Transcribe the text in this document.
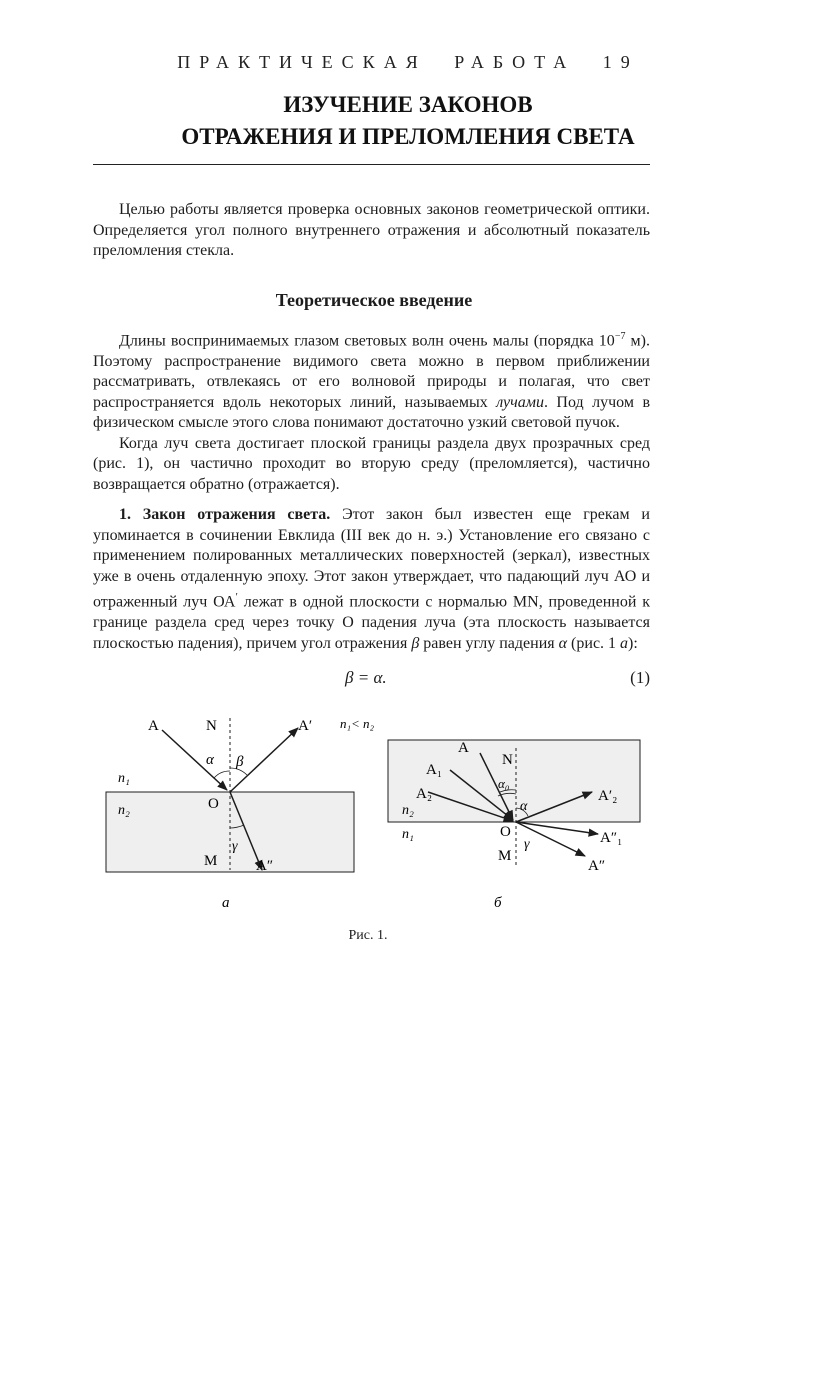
ПРАКТИЧЕСКАЯ РАБОТА 19
ИЗУЧЕНИЕ ЗАКОНОВ
ОТРАЖЕНИЯ И ПРЕЛОМЛЕНИЯ СВЕТА

Целью работы является проверка основных законов геометрической оптики. Определяется угол полного внутреннего отражения и абсолютный показатель преломления стекла.

Теоретическое введение

Длины воспринимаемых глазом световых волн очень малы (порядка $10^{-7}$ м). Поэтому распространение видимого света можно в первом приближении рассматривать, отвлекаясь от его волновой природы и полагая, что свет распространяется вдоль некоторых линий, называемых лучами. Под лучом в физическом смысле этого слова понимают достаточно узкий световой пучок.

Когда луч света достигает плоской границы раздела двух прозрачных сред (рис. 1), он частично проходит во вторую среду (преломляется), частично возвращается обратно (отражается).

1. Закон отражения света. Этот закон был известен еще грекам и упоминается в сочинении Евклида (III век до н. э.) Установление его связано с применением полированных металлических поверхностей (зеркал), известных уже в очень отдаленную эпоху. Этот закон утверждает, что падающий луч АО и отраженный луч ОА′ лежат в одной плоскости с нормалью MN, проведенной к границе раздела сред через точку О падения луча (эта плоскость называется плоскостью падения), причем угол отражения β равен углу падения α (рис. 1 а):

β = α.	(1)
A	N	A′
α β
n₁
n₂	O
γ
M	A″
а
n₁< n₂
A
N
A₁
α₀
A₂
α
A′₂
n₂
n₁	O	A″₁
γ
M
A″
б
Рис. 1.
